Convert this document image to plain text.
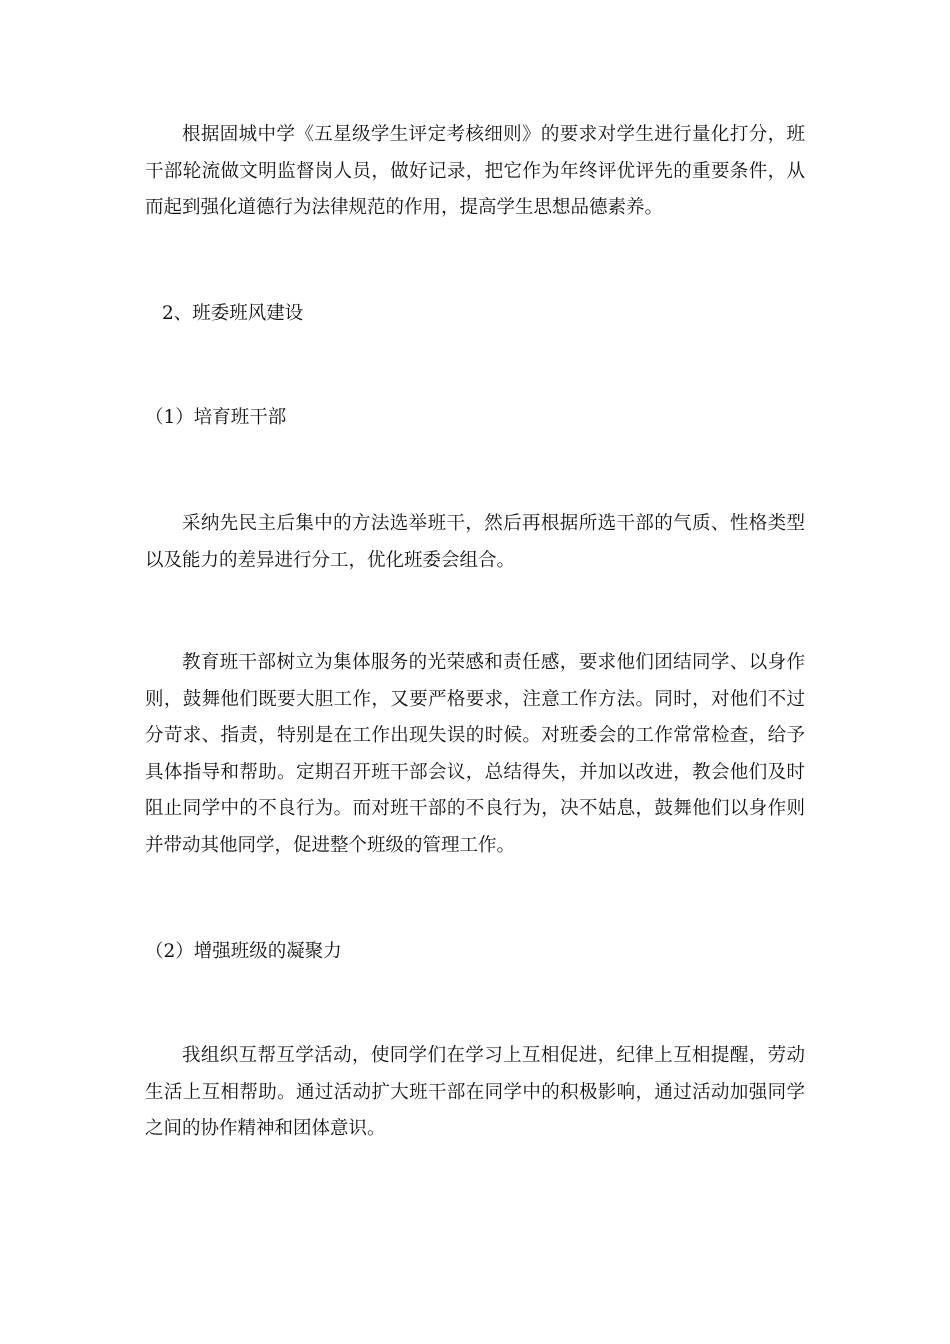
根据固城中学《五星级学生评定考核细则》的要求对学生进行量化打分，班干部轮流做文明监督岗人员，做好记录，把它作为年终评优评先的重要条件，从而起到强化道德行为法律规范的作用，提高学生思想品德素养。

2、班委班风建设

（1）培育班干部

采纳先民主后集中的方法选举班干，然后再根据所选干部的气质、性格类型以及能力的差异进行分工，优化班委会组合。

教育班干部树立为集体服务的光荣感和责任感，要求他们团结同学、以身作则，鼓舞他们既要大胆工作，又要严格要求，注意工作方法。同时，对他们不过分苛求、指责，特别是在工作出现失误的时候。对班委会的工作常常检查，给予具体指导和帮助。定期召开班干部会议，总结得失，并加以改进，教会他们及时阻止同学中的不良行为。而对班干部的不良行为，决不姑息，鼓舞他们以身作则并带动其他同学，促进整个班级的管理工作。

（2）增强班级的凝聚力

我组织互帮互学活动，使同学们在学习上互相促进，纪律上互相提醒，劳动生活上互相帮助。通过活动扩大班干部在同学中的积极影响，通过活动加强同学之间的协作精神和团体意识。
